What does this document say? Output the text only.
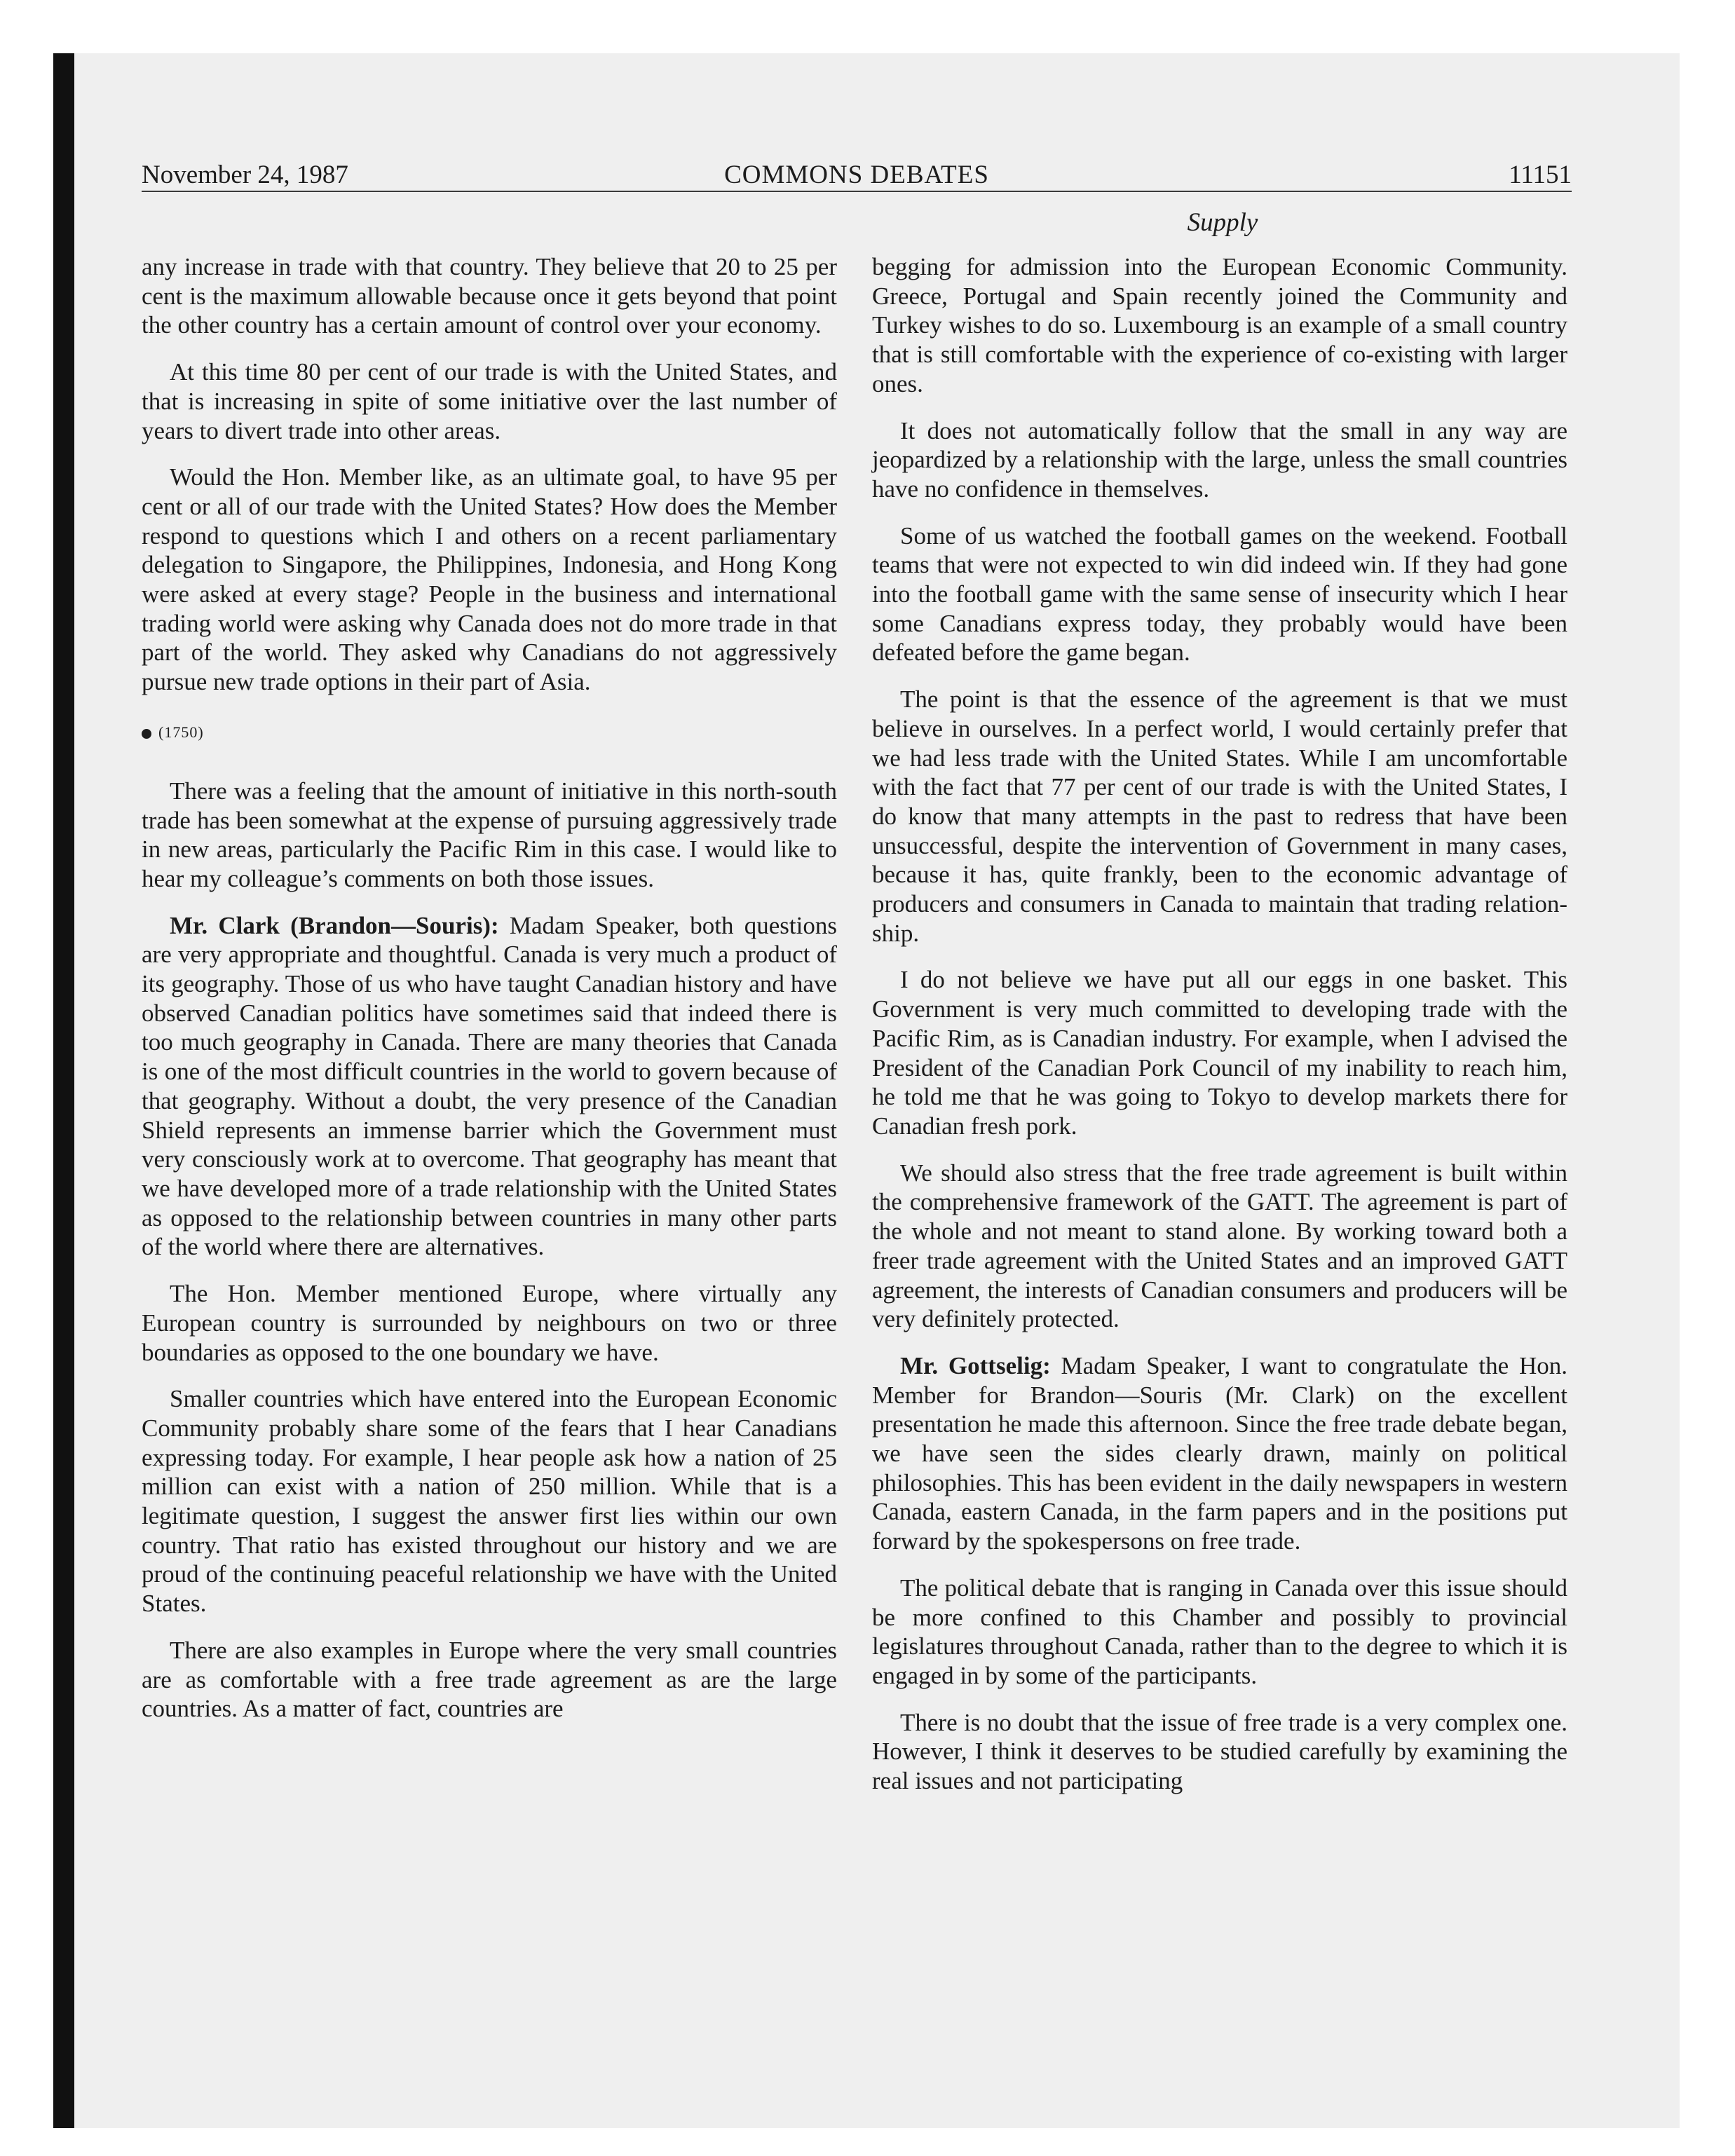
November 24, 1987	COMMONS DEBATES	11151
Supply

any increase in trade with that country. They believe that 20 to 25 per cent is the maximum allowable because once it gets beyond that point the other country has a certain amount of control over your economy.

At this time 80 per cent of our trade is with the United States, and that is increasing in spite of some initiative over the last number of years to divert trade into other areas.

Would the Hon. Member like, as an ultimate goal, to have 95 per cent or all of our trade with the United States? How does the Member respond to questions which I and others on a recent parliamentary delegation to Singapore, the Philippines, Indonesia, and Hong Kong were asked at every stage? People in the business and international trading world were asking why Canada does not do more trade in that part of the world. They asked why Canadians do not aggressively pursue new trade options in their part of Asia.

(1750)

There was a feeling that the amount of initiative in this north-south trade has been somewhat at the expense of pursuing aggressively trade in new areas, particularly the Pacific Rim in this case. I would like to hear my colleague’s comments on both those issues.

Mr. Clark (Brandon—Souris): Madam Speaker, both questions are very appropriate and thoughtful. Canada is very much a product of its geography. Those of us who have taught Canadian history and have observed Canadian politics have sometimes said that indeed there is too much geography in Canada. There are many theories that Canada is one of the most difficult countries in the world to govern because of that geography. Without a doubt, the very presence of the Canadian Shield represents an immense barrier which the Government must very consciously work at to overcome. That geography has meant that we have developed more of a trade relationship with the United States as opposed to the relationship between countries in many other parts of the world where there are alternatives.

The Hon. Member mentioned Europe, where virtually any European country is surrounded by neighbours on two or three boundaries as opposed to the one boundary we have.

Smaller countries which have entered into the European Economic Community probably share some of the fears that I hear Canadians expressing today. For example, I hear people ask how a nation of 25 million can exist with a nation of 250 million. While that is a legitimate question, I suggest the answer first lies within our own country. That ratio has existed throughout our history and we are proud of the continuing peaceful relationship we have with the United States.

There are also examples in Europe where the very small countries are as comfortable with a free trade agreement as are the large countries. As a matter of fact, countries are

begging for admission into the European Economic Community. Greece, Portugal and Spain recently joined the Community and Turkey wishes to do so. Luxembourg is an example of a small country that is still comfortable with the experience of co-existing with larger ones.

It does not automatically follow that the small in any way are jeopardized by a relationship with the large, unless the small countries have no confidence in themselves.

Some of us watched the football games on the weekend. Football teams that were not expected to win did indeed win. If they had gone into the football game with the same sense of insecurity which I hear some Canadians express today, they probably would have been defeated before the game began.

The point is that the essence of the agreement is that we must believe in ourselves. In a perfect world, I would certainly prefer that we had less trade with the United States. While I am uncomfortable with the fact that 77 per cent of our trade is with the United States, I do know that many attempts in the past to redress that have been unsuccessful, despite the intervention of Government in many cases, because it has, quite frankly, been to the economic advantage of producers and consumers in Canada to maintain that trading relationship.

I do not believe we have put all our eggs in one basket. This Government is very much committed to developing trade with the Pacific Rim, as is Canadian industry. For example, when I advised the President of the Canadian Pork Council of my inability to reach him, he told me that he was going to Tokyo to develop markets there for Canadian fresh pork.

We should also stress that the free trade agreement is built within the comprehensive framework of the GATT. The agreement is part of the whole and not meant to stand alone. By working toward both a freer trade agreement with the United States and an improved GATT agreement, the interests of Canadian consumers and producers will be very definitely protected.

Mr. Gottselig: Madam Speaker, I want to congratulate the Hon. Member for Brandon—Souris (Mr. Clark) on the excellent presentation he made this afternoon. Since the free trade debate began, we have seen the sides clearly drawn, mainly on political philosophies. This has been evident in the daily newspapers in western Canada, eastern Canada, in the farm papers and in the positions put forward by the spokespersons on free trade.

The political debate that is ranging in Canada over this issue should be more confined to this Chamber and possibly to provincial legislatures throughout Canada, rather than to the degree to which it is engaged in by some of the participants.

There is no doubt that the issue of free trade is a very complex one. However, I think it deserves to be studied carefully by examining the real issues and not participating
